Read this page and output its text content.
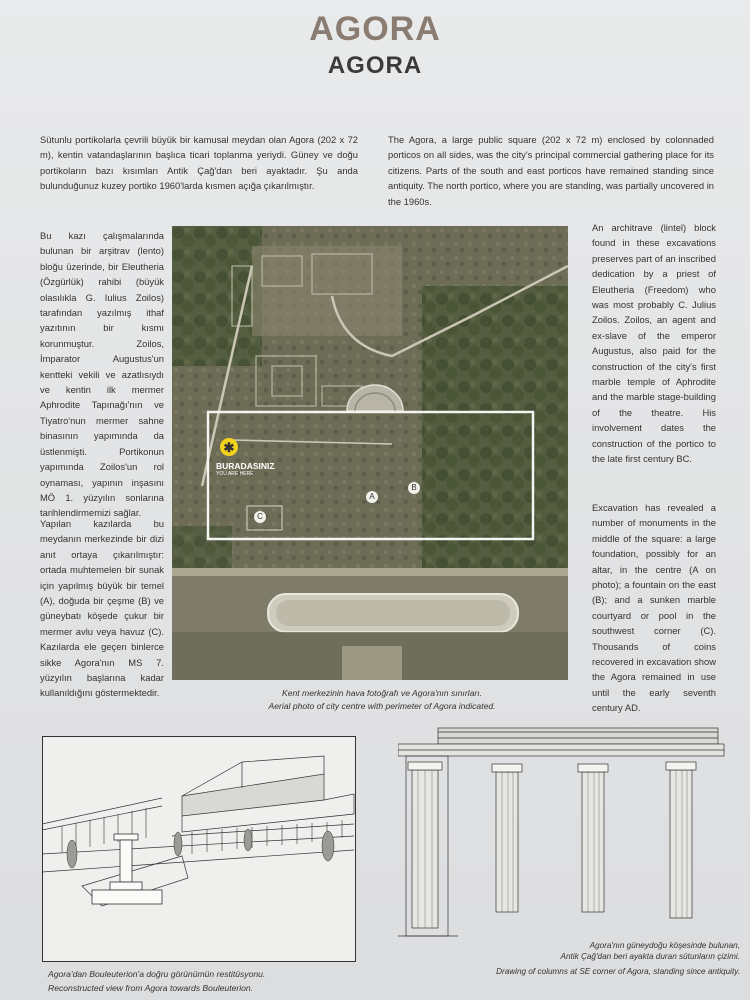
AGORA
AGORA
Sütunlu portikolarla çevrili büyük bir kamusal meydan olan Agora (202 x 72 m), kentin vatandaşlarının başlıca ticari toplanma yeriydi. Güney ve doğu portikoların bazı kısımları Antik Çağ'dan beri ayaktadır. Şu anda bulunduğunuz kuzey portiko 1960'larda kısmen açığa çıkarılmıştır.
The Agora, a large public square (202 x 72 m) enclosed by colonnaded porticos on all sides, was the city's principal commercial gathering place for its citizens. Parts of the south and east porticos have remained standing since antiquity. The north portico, where you are standing, was partially uncovered in the 1960s.
Bu kazı çalışmalarında bulunan bir arşitrav (lento) bloğu üzerinde, bir Eleutheria (Özgürlük) rahibi (büyük olasılıkla G. Iulius Zoilos) tarafından yazılmış ithaf yazıtının bir kısmı korunmuştur. Zoilos, İmparator Augustus'un kentteki vekili ve azatlısıydı ve kentin ilk mermer Aphrodite Tapınağı'nın ve Tiyatro'nun mermer sahne binasının yapımında da üstlenmişti. Portikonun yapımında Zoilos'un rol oynaması, yapının inşasını MÖ 1. yüzyılın sonlarına tarihlendirmemizi sağlar.
Yapılan kazılarda bu meydanın merkezinde bir dizi anıt ortaya çıkarılmıştır: ortada muhtemelen bir sunak için yapılmış büyük bir temel (A), doğuda bir çeşme (B) ve güneybatı köşede çukur bir mermer avlu veya havuz (C). Kazılarda ele geçen binlerce sikke Agora'nın MS 7. yüzyılın başlarına kadar kullanıldığını göstermektedir.
An architrave (lintel) block found in these excavations preserves part of an inscribed dedication by a priest of Eleutheria (Freedom) who was most probably C. Julius Zoilos. Zoilos, an agent and ex-slave of the emperor Augustus, also paid for the construction of the city's first marble temple of Aphrodite and the marble stage-building of the theatre. His involvement dates the construction of the portico to the late first century BC.
Excavation has revealed a number of monuments in the middle of the square: a large foundation, possibly for an altar, in the centre (A on photo); a fountain on the east (B); and a sunken marble courtyard or pool in the southwest corner (C). Thousands of coins recovered in excavation show the Agora remained in use until the early seventh century AD.
✱
BURADASINIZ
YOU ARE HERE
A
B
C
Kent merkezinin hava fotoğrafı ve Agora'nın sınırları.
Aerial photo of city centre with perimeter of Agora indicated.
Agora'dan Bouleuterion'a doğru görünümün restitüsyonu.
Reconstructed view from Agora towards Bouleuterion.
Agora'nın güneydoğu köşesinde bulunan,
Antik Çağ'dan beri ayakta duran sütunların çizimi.
Drawing of columns at SE corner of Agora, standing since antiquity.
